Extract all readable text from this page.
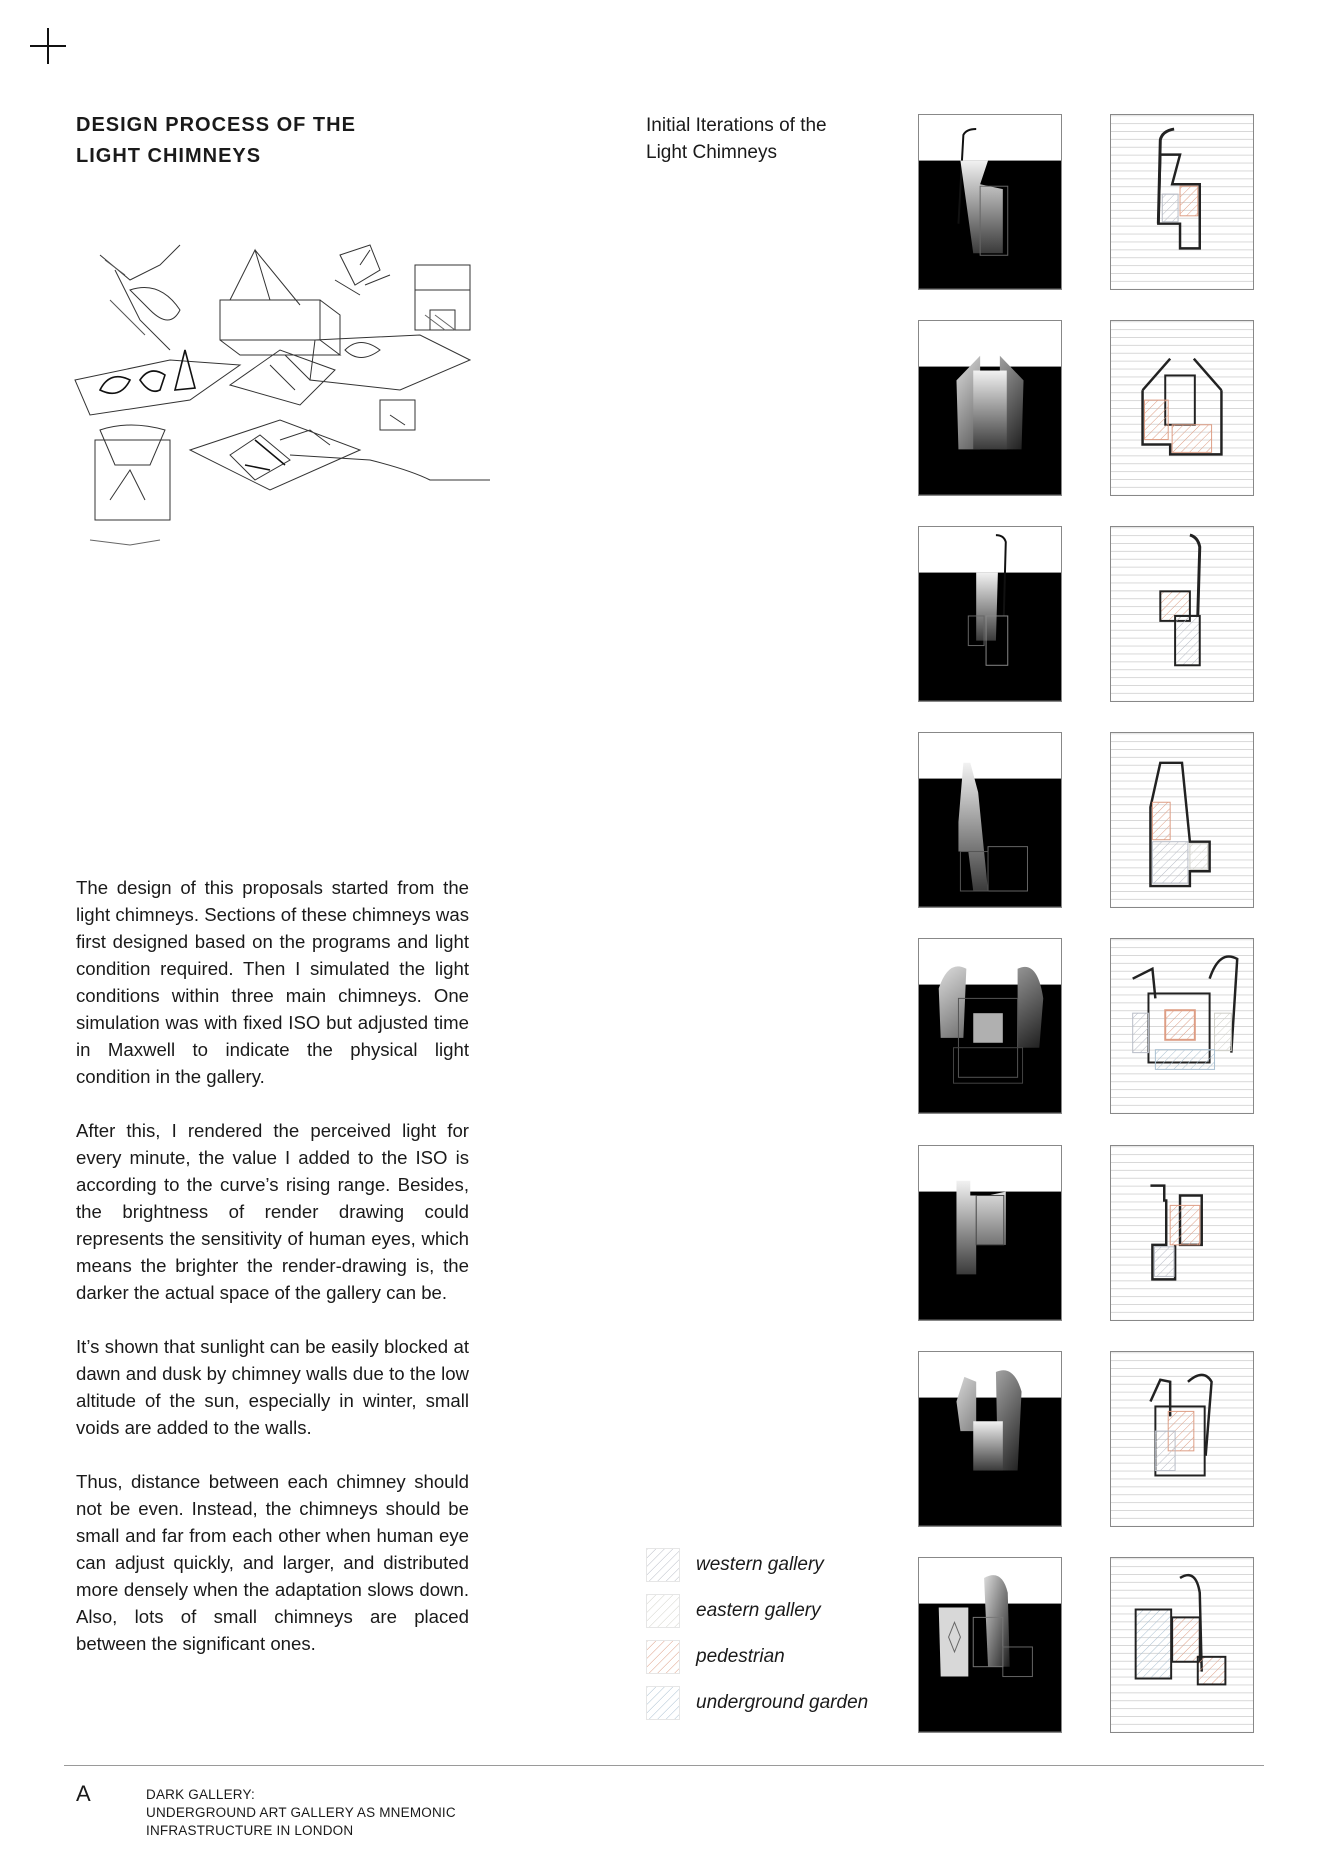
DESIGN PROCESS OF THE
LIGHT CHIMNEYS
Initial Iterations of the
Light Chimneys

The design of this proposals started from the light chimneys. Sections of these chimneys was first designed based on the programs and light condition required. Then I simulated the light conditions within three main chimneys. One simulation was with fixed ISO but adjusted time in Maxwell to indicate the physical light condition in the gallery.

After this, I rendered the perceived light for every minute, the value I added to the ISO is according to the curve’s rising range. Besides, the brightness of render drawing could represents the sensitivity of human eyes, which means the brighter the render-drawing is, the darker the actual space of the gallery can be.

It’s shown that sunlight can be easily blocked at dawn and dusk by chimney walls due to the low altitude of the sun, especially in winter, small voids are added to the walls.

Thus, distance between each chimney should not be even. Instead, the chimneys should be small and far from each other when human eye can adjust quickly, and larger, and distributed more densely when the adaptation slows down. Also, lots of small chimneys are placed between the significant ones.

western gallery
eastern gallery
pedestrian
underground garden
A	DARK GALLERY:
UNDERGROUND ART GALLERY AS MNEMONIC
INFRASTRUCTURE IN LONDON
